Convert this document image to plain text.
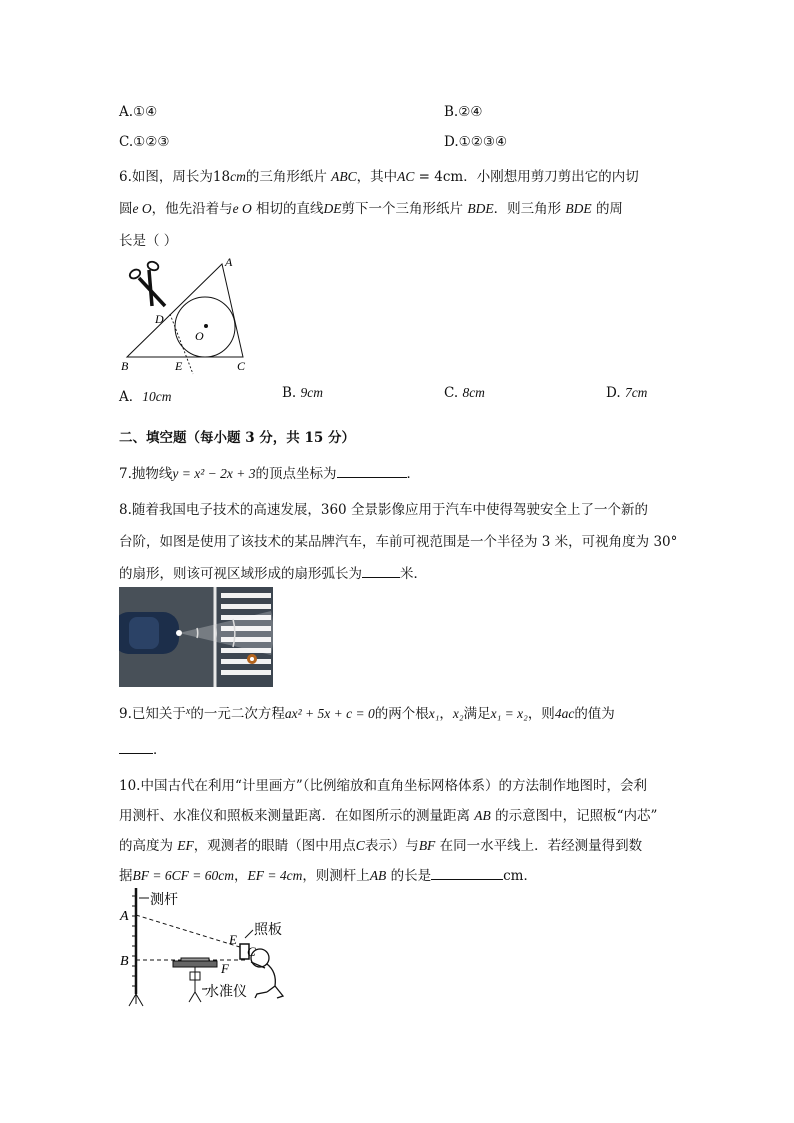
A.①④	B.②④
C.①②③	D.①②③④
6.如图，周长为18cm的三角形纸片 ABC，其中AC = 4cm．小刚想用剪刀剪出它的内切
圆e O，他先沿着与e O 相切的直线DE剪下一个三角形纸片 BDE．则三角形 BDE 的周
长是（ ）
A
B	C
D
E
O
A．10cm	B. 9cm	C. 8cm	D. 7cm
二、填空题（每小题 3 分，共 15 分）
7.抛物线y = x² − 2x + 3的顶点坐标为	．
8.随着我国电子技术的高速发展，360 全景影像应用于汽车中使得驾驶安全上了一个新的
台阶，如图是使用了该技术的某品牌汽车，车前可视范围是一个半径为 3 米，可视角度为 30°
的扇形，则该可视区域形成的扇形弧长为	米．
9.已知关于$^x$的一元二次方程ax² + 5x + c = 0的两个根x₁，x₂满足x₁ = x₂，则4ac的值为
．
10.中国古代在利用“计里画方”（比例缩放和直角坐标网格体系）的方法制作地图时，会利
用测杆、水准仪和照板来测量距离．在如图所示的测量距离 AB 的示意图中，记照板“内芯”
的高度为 EF，观测者的眼睛（图中用点C表示）与BF 在同一水平线上．若经测量得到数
据BF = 6CF = 60cm，EF = 4cm，则测杆上AB 的长是	cm．
测杆
A
B
水准仪
照板
E
F
C
